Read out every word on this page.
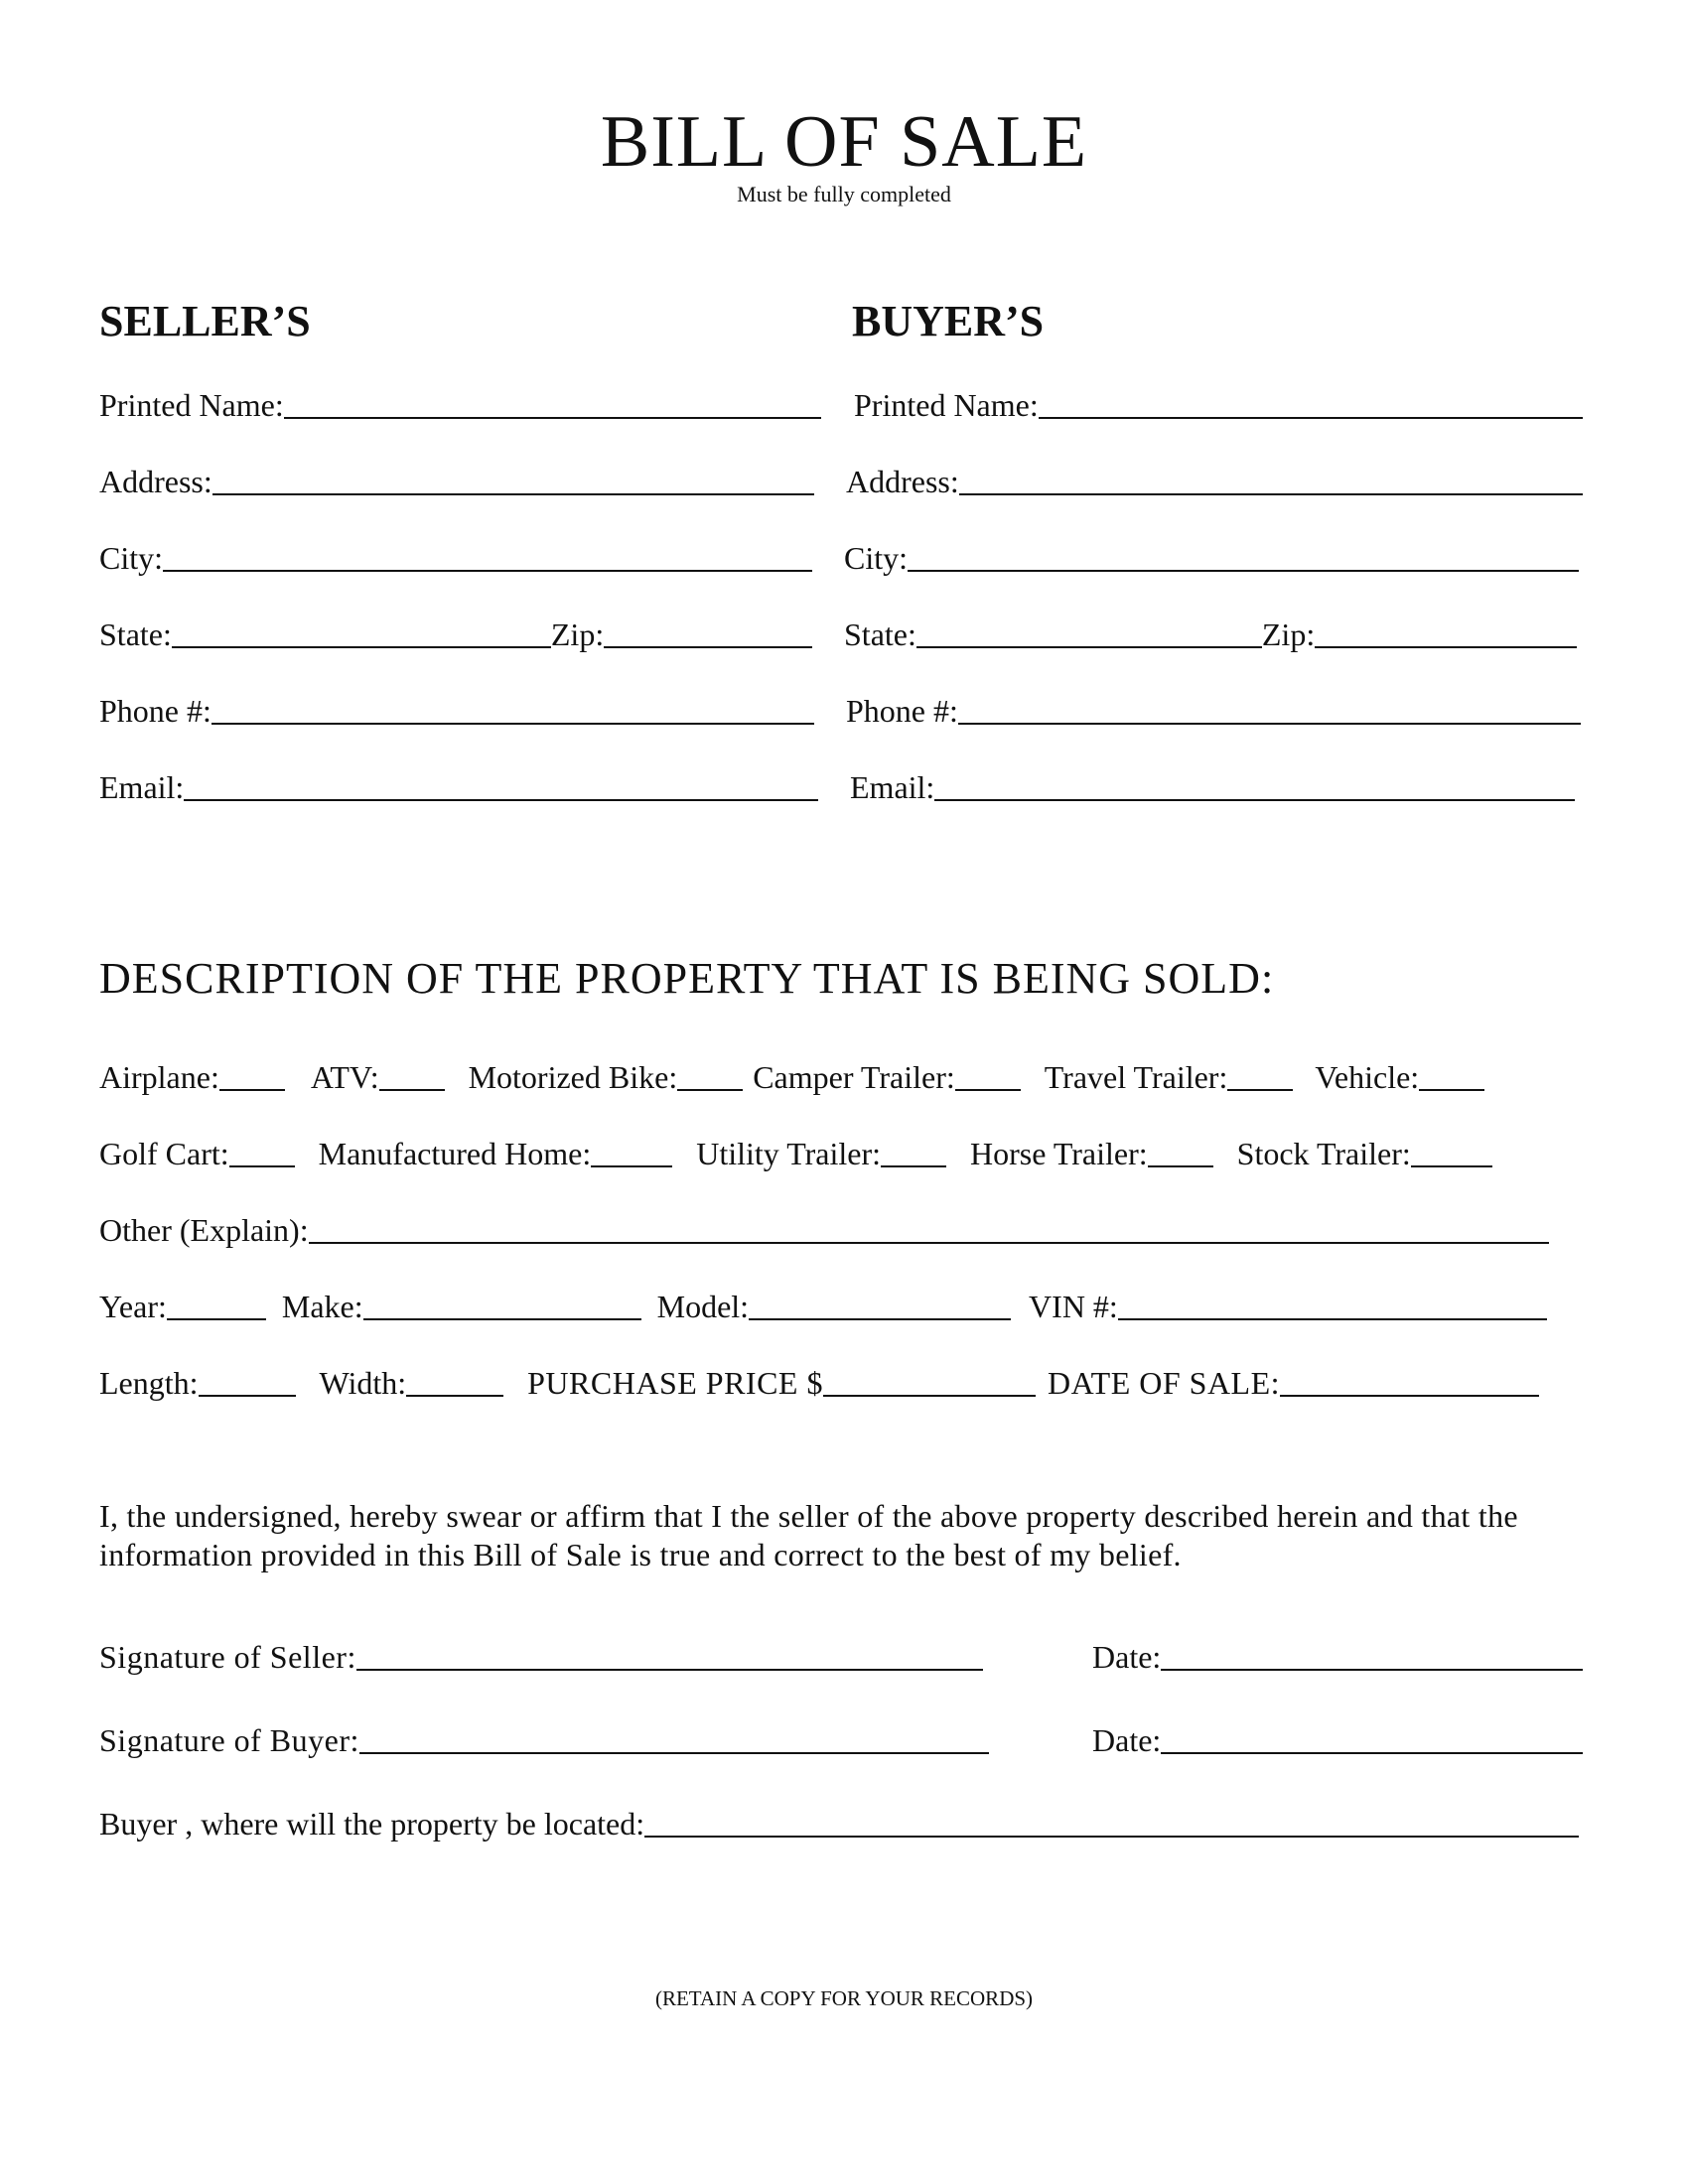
BILL OF SALE
Must be fully completed
SELLER’S	BUYER’S
Printed Name:
Address:
City:
State:	Zip:
Phone #:
Email:
Printed Name:
Address:
City:
State:	Zip:
Phone #:
Email:
DESCRIPTION OF THE PROPERTY THAT IS BEING SOLD:
Airplane:	ATV:	Motorized Bike: Camper Trailer:	Travel Trailer:	Vehicle:
Golf Cart:	Manufactured Home:	Utility Trailer:	Horse Trailer:	Stock Trailer:
Other (Explain):
Year:	Make:	Model:	VIN #:
Length:	Width:	PURCHASE PRICE $	DATE OF SALE:
I, the undersigned, hereby swear or affirm that I the seller of the above property described herein and that the information provided in this Bill of Sale is true and correct to the best of my belief.
Signature of Seller:	Date:
Signature of Buyer:	Date:
Buyer , where will the property be located:
(RETAIN A COPY FOR YOUR RECORDS)
